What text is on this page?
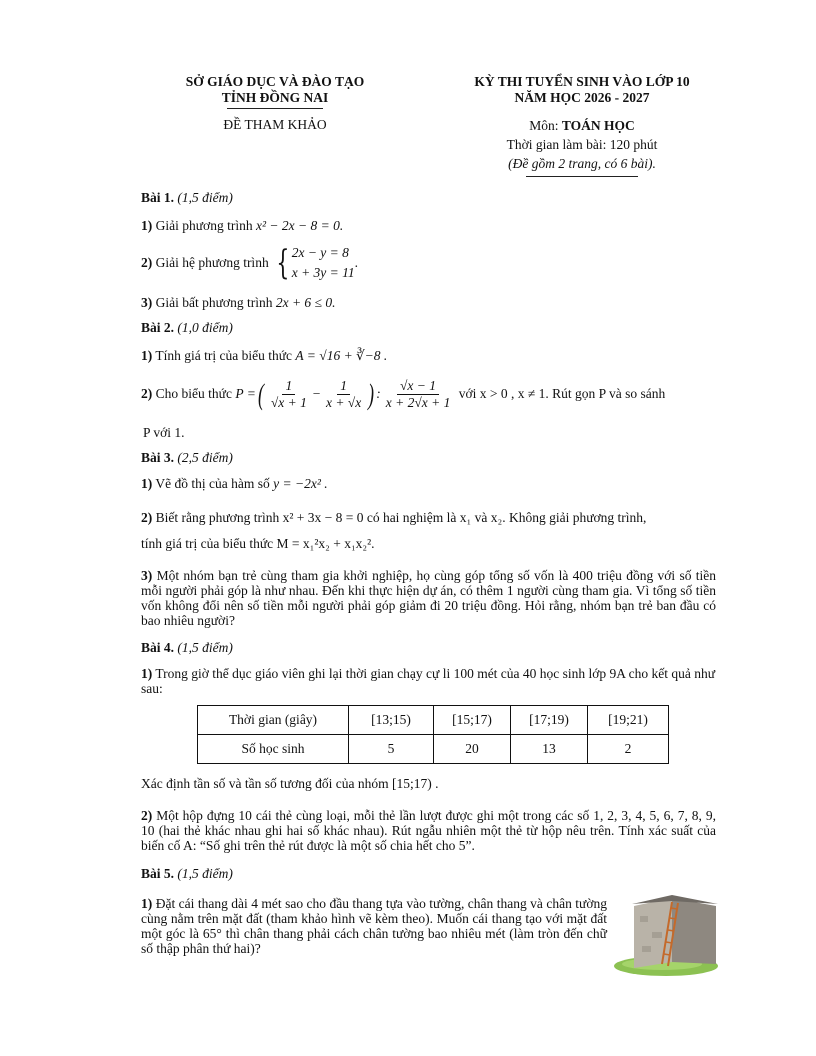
SỞ GIÁO DỤC VÀ ĐÀO TẠO
TỈNH ĐỒNG NAI
ĐỀ THAM KHẢO
KỲ THI TUYỂN SINH VÀO LỚP 10
NĂM HỌC 2026 - 2027
Môn: TOÁN HỌC
Thời gian làm bài: 120 phút
(Đề gồm 2 trang, có 6 bài).
Bài 1. (1,5 điểm)
1) Giải phương trình x² − 2x − 8 = 0.
2) Giải hệ phương trình { 2x − y = 8
x + 3y = 11
.
3) Giải bất phương trình 2x + 6 ≤ 0.
Bài 2. (1,0 điểm)
1) Tính giá trị của biểu thức A = √16 + ∛−8 .
2) Cho biểu thức P =( $\frac{1}{√x + 1} - \frac{1}{x + √x}$ ) : $\frac{√x - 1}{x + 2√x + 1}$ với x > 0 , x ≠ 1. Rút gọn P và so sánh
P với 1.
Bài 3. (2,5 điểm)
1) Vẽ đồ thị của hàm số y = −2x² .
2) Biết rằng phương trình x² + 3x − 8 = 0 có hai nghiệm là x₁ và x₂. Không giải phương trình,
tính giá trị của biểu thức M = x₁²x₂ + x₁x₂².
3) Một nhóm bạn trẻ cùng tham gia khởi nghiệp, họ cùng góp tổng số vốn là 400 triệu đồng với số tiền mỗi người phải góp là như nhau. Đến khi thực hiện dự án, có thêm 1 người cùng tham gia. Vì tổng số tiền vốn không đổi nên số tiền mỗi người phải góp giảm đi 20 triệu đồng. Hỏi rằng, nhóm bạn trẻ ban đầu có bao nhiêu người?
Bài 4. (1,5 điểm)
1) Trong giờ thể dục giáo viên ghi lại thời gian chạy cự li 100 mét của 40 học sinh lớp 9A cho kết quả như sau:
Thời gian (giây)	[13;15)	[15;17)	[17;19)	[19;21)
Số học sinh	5	20	13	2
Xác định tần số và tần số tương đối của nhóm [15;17) .
2) Một hộp đựng 10 cái thẻ cùng loại, mỗi thẻ lần lượt được ghi một trong các số 1, 2, 3, 4, 5, 6, 7, 8, 9, 10 (hai thẻ khác nhau ghi hai số khác nhau). Rút ngẫu nhiên một thẻ từ hộp nêu trên. Tính xác suất của biến cố A: “Số ghi trên thẻ rút được là một số chia hết cho 5”.
Bài 5. (1,5 điểm)
1) Đặt cái thang dài 4 mét sao cho đầu thang tựa vào tường, chân thang và chân tường cùng nằm trên mặt đất (tham khảo hình vẽ kèm theo). Muốn cái thang tạo với mặt đất một góc là 65° thì chân thang phải cách chân tường bao nhiêu mét (làm tròn đến chữ số thập phân thứ hai)?
